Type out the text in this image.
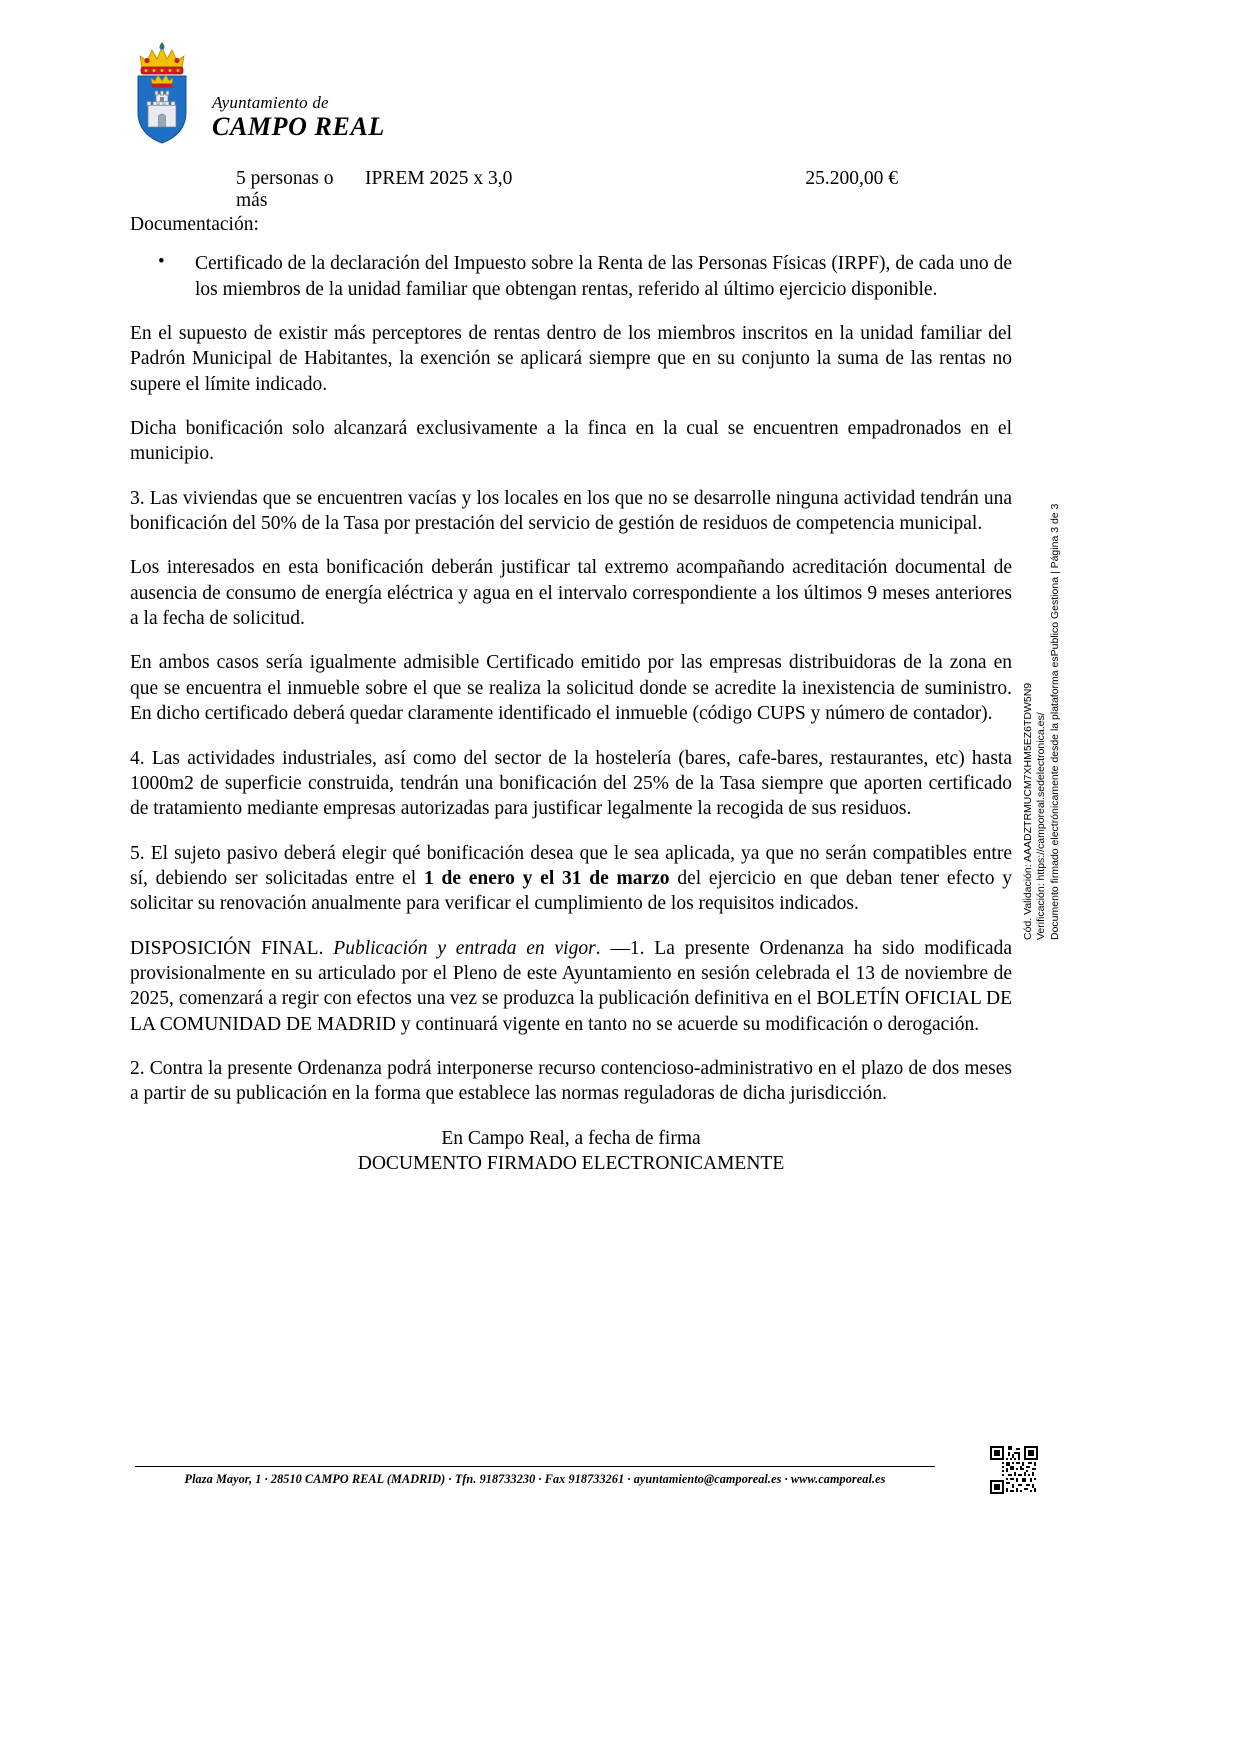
Ayuntamiento de
CAMPO REAL
5 personas o más
IPREM 2025 x 3,0	25.200,00 €

Documentación:

• Certificado de la declaración del Impuesto sobre la Renta de las Personas Físicas (IRPF), de cada uno de los miembros de la unidad familiar que obtengan rentas, referido al último ejercicio disponible.

En el supuesto de existir más perceptores de rentas dentro de los miembros inscritos en la unidad familiar del Padrón Municipal de Habitantes, la exención se aplicará siempre que en su conjunto la suma de las rentas no supere el límite indicado.

Dicha bonificación solo alcanzará exclusivamente a la finca en la cual se encuentren empadronados en el municipio.

3. Las viviendas que se encuentren vacías y los locales en los que no se desarrolle ninguna actividad tendrán una bonificación del 50% de la Tasa por prestación del servicio de gestión de residuos de competencia municipal.

Los interesados en esta bonificación deberán justificar tal extremo acompañando acreditación documental de ausencia de consumo de energía eléctrica y agua en el intervalo correspondiente a los últimos 9 meses anteriores a la fecha de solicitud.

En ambos casos sería igualmente admisible Certificado emitido por las empresas distribuidoras de la zona en que se encuentra el inmueble sobre el que se realiza la solicitud donde se acredite la inexistencia de suministro. En dicho certificado deberá quedar claramente identificado el inmueble (código CUPS y número de contador).

4. Las actividades industriales, así como del sector de la hostelería (bares, cafe-bares, restaurantes, etc) hasta 1000m2 de superficie construida, tendrán una bonificación del 25% de la Tasa siempre que aporten certificado de tratamiento mediante empresas autorizadas para justificar legalmente la recogida de sus residuos.

5. El sujeto pasivo deberá elegir qué bonificación desea que le sea aplicada, ya que no serán compatibles entre sí, debiendo ser solicitadas entre el 1 de enero y el 31 de marzo del ejercicio en que deban tener efecto y solicitar su renovación anualmente para verificar el cumplimiento de los requisitos indicados.

DISPOSICIÓN FINAL. Publicación y entrada en vigor. —1. La presente Ordenanza ha sido modificada provisionalmente en su articulado por el Pleno de este Ayuntamiento en sesión celebrada el 13 de noviembre de 2025, comenzará a regir con efectos una vez se produzca la publicación definitiva en el BOLETÍN OFICIAL DE LA COMUNIDAD DE MADRID y continuará vigente en tanto no se acuerde su modificación o derogación.

2. Contra la presente Ordenanza podrá interponerse recurso contencioso-administrativo en el plazo de dos meses a partir de su publicación en la forma que establece las normas reguladoras de dicha jurisdicción.

En Campo Real, a fecha de firma
DOCUMENTO FIRMADO ELECTRONICAMENTE
Cód. Validación: AAADZTRMUCM7XHM5EZ6TDW5N9 Verificación: https://camporeal.sedelectronica.es/ Documento firmado electrónicamente desde la plataforma esPublico Gestiona | Página 3 de 3
Plaza Mayor, 1 · 28510 CAMPO REAL (MADRID) · Tfn. 918733230 · Fax 918733261 · ayuntamiento@camporeal.es · www.camporeal.es
